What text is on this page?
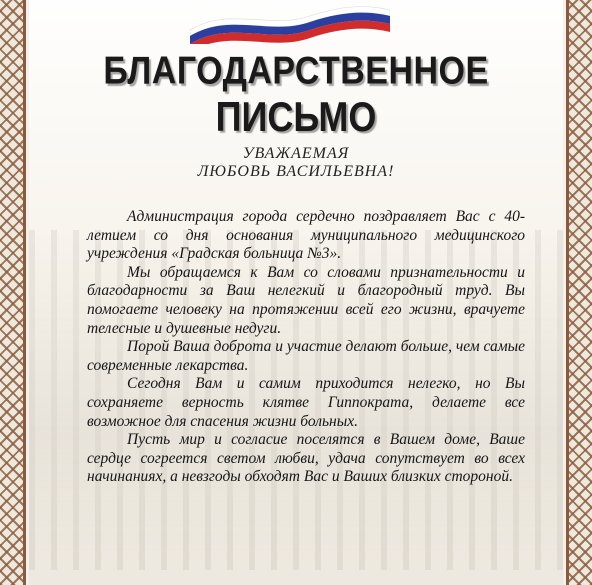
БЛАГОДАРСТВЕННОЕ
ПИСЬМО
УВАЖАЕМАЯ
ЛЮБОВЬ ВАСИЛЬЕВНА!

Администрация города сердечно поздравляет Вас с 40-летием со дня основания муниципального медицинского учреждения «Градская больница №3».

Мы обращаемся к Вам со словами признательности и благодарности за Ваш нелегкий и благородный труд. Вы помогаете человеку на протяжении всей его жизни, врачуете телесные и душевные недуги.

Порой Ваша доброта и участие делают больше, чем самые современные лекарства.

Сегодня Вам и самим приходится нелегко, но Вы сохраняете верность клятве Гиппократа, делаете все возможное для спасения жизни больных.

Пусть мир и согласие поселятся в Вашем доме, Ваше сердце согреется светом любви, удача сопутствует во всех начинаниях, а невзгоды обходят Вас и Ваших близких стороной.
